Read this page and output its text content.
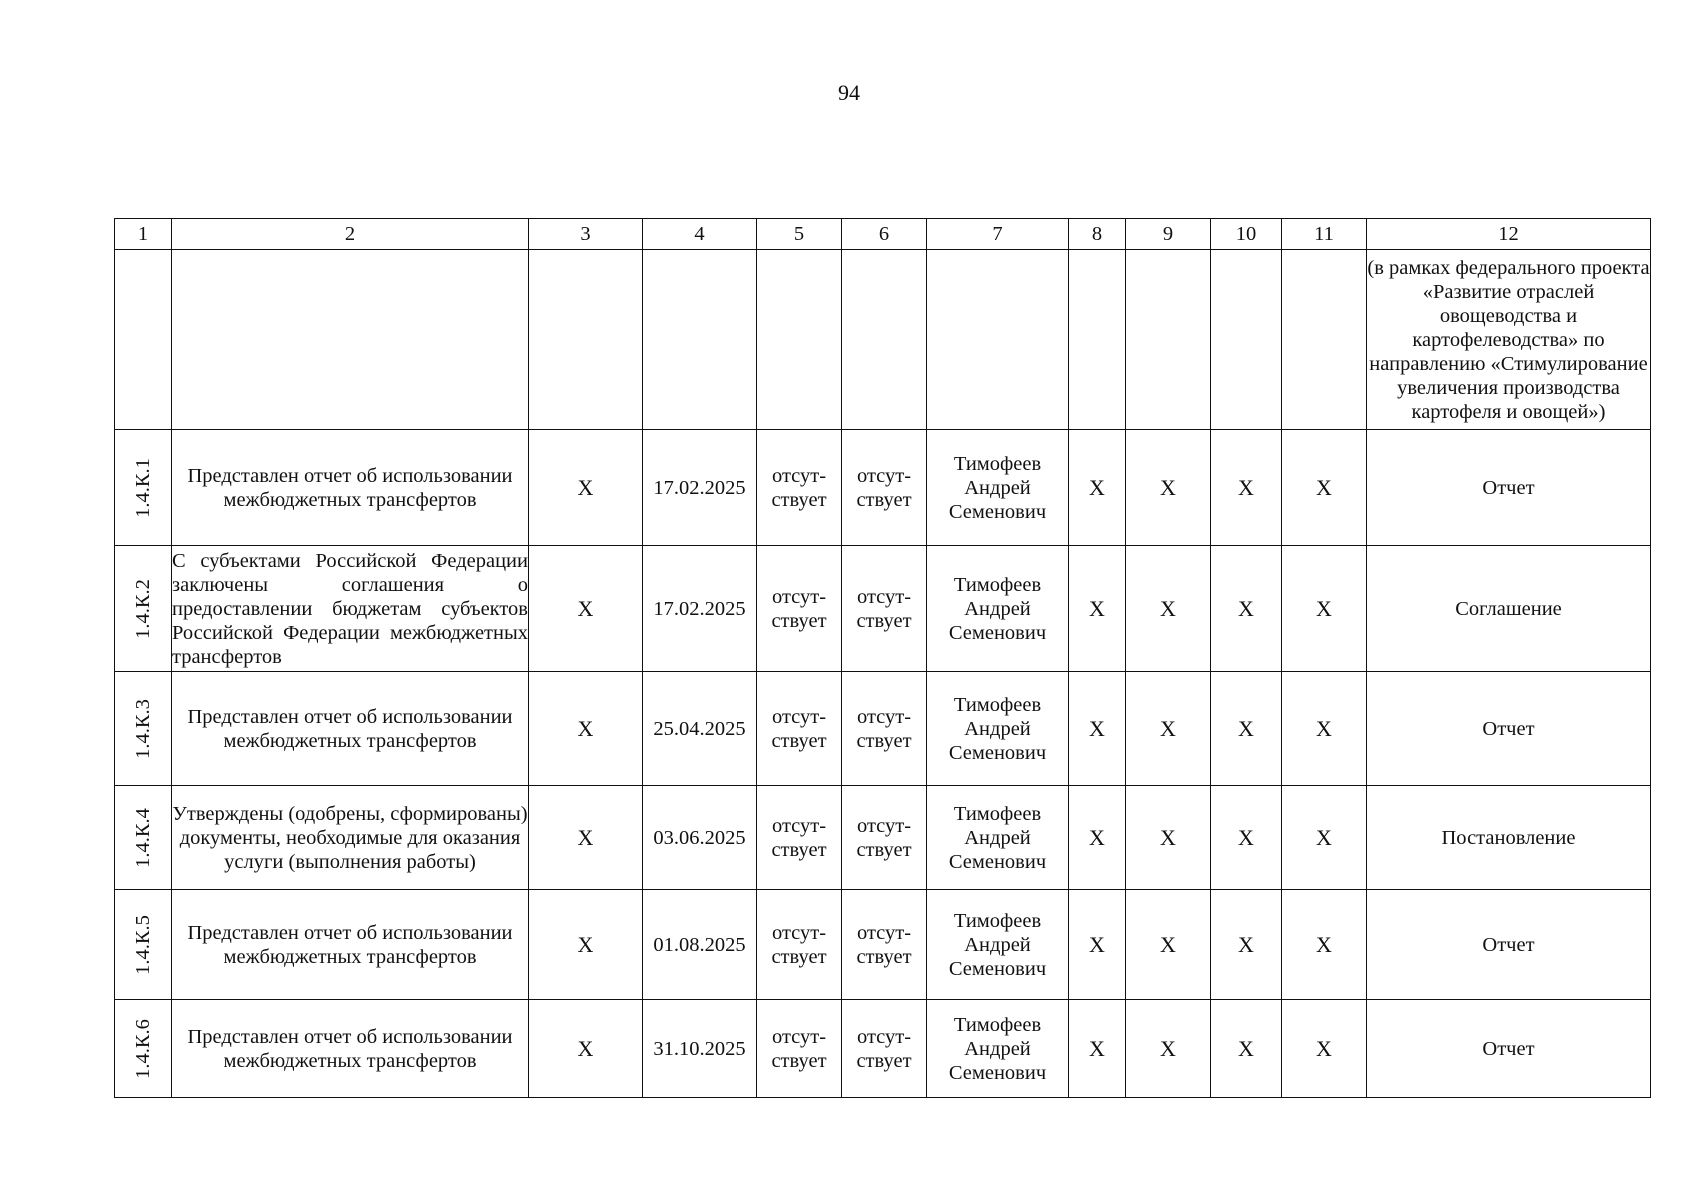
94
1	2	3	4	5	6	7	8	9	10	11	12
											(в рамках федерального проекта «Развитие отраслей овощеводства и картофелеводства» по направлению «Стимулирование увеличения производства картофеля и овощей»)

1.4.К.1	Представлен отчет об использовании межбюджетных трансфертов	X	17.02.2025	отсут-ствует	отсут-ствует	Тимофеев Андрей Семенович	X	X	X	X	Отчет

1.4.К.2	С субъектами Российской Федерации заключены соглашения о предоставлении бюджетам субъектов Российской Федерации межбюджетных трансфертов	X	17.02.2025	отсут-ствует	отсут-ствует	Тимофеев Андрей Семенович	X	X	X	X	Соглашение

1.4.К.3	Представлен отчет об использовании межбюджетных трансфертов	X	25.04.2025	отсут-ствует	отсут-ствует	Тимофеев Андрей Семенович	X	X	X	X	Отчет

1.4.К.4	Утверждены (одобрены, сформированы) документы, необходимые для оказания услуги (выполнения работы)	X	03.06.2025	отсут-ствует	отсут-ствует	Тимофеев Андрей Семенович	X	X	X	X	Постановление

1.4.К.5	Представлен отчет об использовании межбюджетных трансфертов	X	01.08.2025	отсут-ствует	отсут-ствует	Тимофеев Андрей Семенович	X	X	X	X	Отчет

1.4.К.6	Представлен отчет об использовании межбюджетных трансфертов	X	31.10.2025	отсут-ствует	отсут-ствует	Тимофеев Андрей Семенович	X	X	X	X	Отчет
